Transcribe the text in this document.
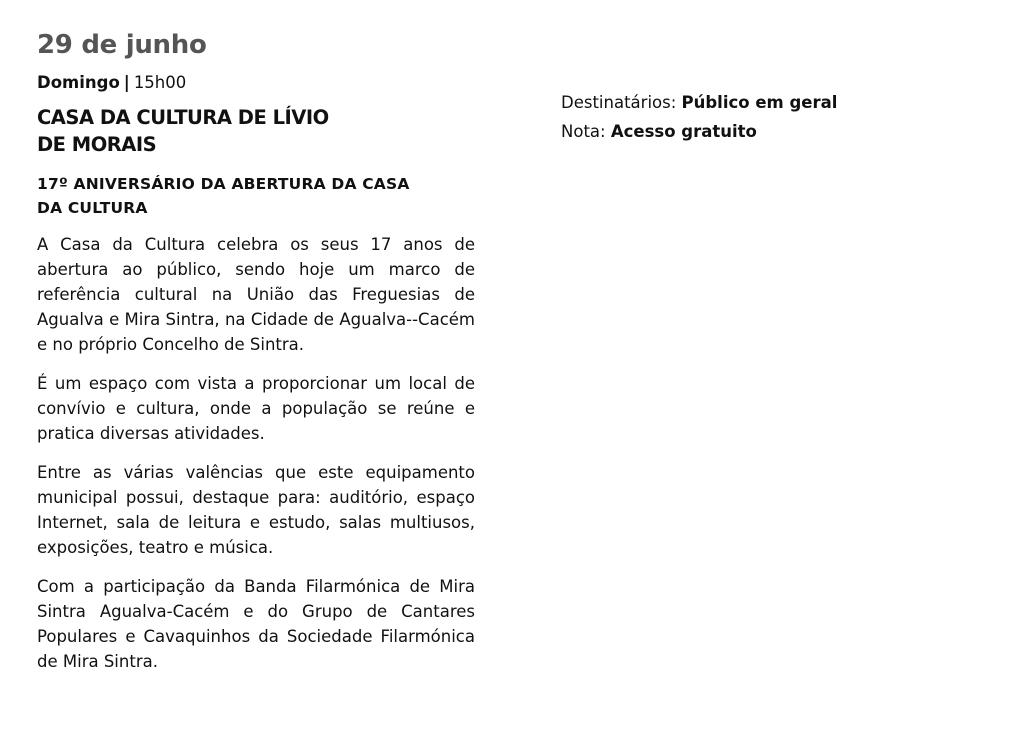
29 de junho
Domingo | 15h00
CASA DA CULTURA DE LÍVIO
DE MORAIS
17º ANIVERSÁRIO DA ABERTURA DA CASA
DA CULTURA

A Casa da Cultura celebra os seus 17 anos de abertura ao público, sendo hoje um marco de referência cultural na União das Freguesias de Agualva e Mira Sintra, na Cidade de Agualva--Cacém e no próprio Concelho de Sintra.

É um espaço com vista a proporcionar um local de convívio e cultura, onde a população se reúne e pratica diversas atividades.

Entre as várias valências que este equipamento municipal possui, destaque para: auditório, espaço Internet, sala de leitura e estudo, salas multiusos, exposições, teatro e música.

Com a participação da Banda Filarmónica de Mira Sintra Agualva-Cacém e do Grupo de Cantares Populares e Cavaquinhos da Sociedade Filarmónica de Mira Sintra.

Destinatários: Público em geral
Nota: Acesso gratuito
